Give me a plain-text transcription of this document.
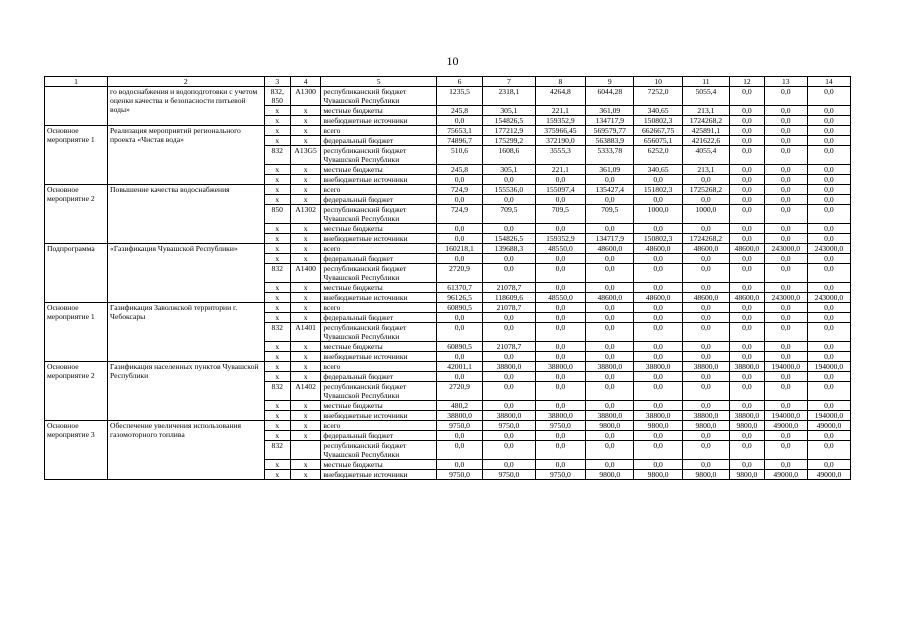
10
1	2	3	4	5	6	7	8	9	10	11	12	13	14
	го водоснабжения и водоподготовки с учетом оценки качества и безопасности питьевой воды»	832, 850	А1300	республиканский бюджет Чувашской Республики	1235,5	2318,1	4264,8	6044,28	7252,0	5055,4	0,0	0,0	0,0
		х	х	местные бюджеты	245,8	305,1	221,1	361,09	340,65	213,1	0,0	0,0	0,0
		х	х	внебюджетные источники	0,0	154826,5	159352,9	134717,9	150802,3	1724268,2	0,0	0,0	0,0
Основное мероприятие 1	Реализация мероприятий регионального проекта «Чистая вода»	х	х	всего	75653,1	177212,9	375966,45	569579,77	662667,75	425891,1	0,0	0,0	0,0
		х	х	федеральный бюджет	74896,7	175299,2	372190,0	563883,9	656075,1	421622,6	0,0	0,0	0,0
		832	А13G5	республиканский бюджет Чувашской Республики	510,6	1608,6	3555,3	5333,78	6252,0	4055,4	0,0	0,0	0,0
		х	х	местные бюджеты	245,8	305,1	221,1	361,09	340,65	213,1	0,0	0,0	0,0
		х	х	внебюджетные источники	0,0	0,0	0,0	0,0	0,0	0,0	0,0	0,0	0,0
Основное мероприятие 2	Повышение качества водоснабжения	х	х	всего	724,9	155536,0	155097,4	135427,4	151802,3	1725268,2	0,0	0,0	0,0
		х	х	федеральный бюджет	0,0	0,0	0,0	0,0	0,0	0,0	0,0	0,0	0,0
		850	А1302	республиканский бюджет Чувашской Республики	724,9	709,5	709,5	709,5	1000,0	1000,0	0,0	0,0	0,0
		х	х	местные бюджеты	0,0	0,0	0,0	0,0	0,0	0,0	0,0	0,0	0,0
		х	х	внебюджетные источники	0,0	154826,5	159352,9	134717,9	150802,3	1724268,2	0,0	0,0	0,0
Подпрограмма	«Газификация Чувашской Республики»	х	х	всего	160218,1	139688,3	48550,0	48600,0	48600,0	48600,0	48600,0	243000,0	243000,0
		х	х	федеральный бюджет	0,0	0,0	0,0	0,0	0,0	0,0	0,0	0,0	0,0
		832	А1400	республиканский бюджет Чувашской Республики	2720,9	0,0	0,0	0,0	0,0	0,0	0,0	0,0	0,0
		х	х	местные бюджеты	61370,7	21078,7	0,0	0,0	0,0	0,0	0,0	0,0	0,0
		х	х	внебюджетные источники	96126,5	118609,6	48550,0	48600,0	48600,0	48600,0	48600,0	243000,0	243000,0
Основное мероприятие 1	Газификация Заволжской территории г. Чебоксары	х	х	всего	60890,5	21078,7	0,0	0,0	0,0	0,0	0,0	0,0	0,0
		х	х	федеральный бюджет	0,0	0,0	0,0	0,0	0,0	0,0	0,0	0,0	0,0
		832	А1401	республиканский бюджет Чувашской Республики	0,0	0,0	0,0	0,0	0,0	0,0	0,0	0,0	0,0
		х	х	местные бюджеты	60890,5	21078,7	0,0	0,0	0,0	0,0	0,0	0,0	0,0
		х	х	внебюджетные источники	0,0	0,0	0,0	0,0	0,0	0,0	0,0	0,0	0,0
Основное мероприятие 2	Газификация населенных пунктов Чувашской Республики	х	х	всего	42001,1	38800,0	38800,0	38800,0	38800,0	38800,0	38800,0	194000,0	194000,0
		х	х	федеральный бюджет	0,0	0,0	0,0	0,0	0,0	0,0	0,0	0,0	0,0
		832	А1402	республиканский бюджет Чувашской Республики	2720,9	0,0	0,0	0,0	0,0	0,0	0,0	0,0	0,0
		х	х	местные бюджеты	480,2	0,0	0,0	0,0	0,0	0,0	0,0	0,0	0,0
		х	х	внебюджетные источники	38800,0	38800,0	38800,0	38800,0	38800,0	38800,0	38800,0	194000,0	194000,0
Основное мероприятие 3	Обеспечение увеличения использования газомоторного топлива	х	х	всего	9750,0	9750,0	9750,0	9800,0	9800,0	9800,0	9800,0	49000,0	49000,0
		х	х	федеральный бюджет	0,0	0,0	0,0	0,0	0,0	0,0	0,0	0,0	0,0
		832		республиканский бюджет Чувашской Республики	0,0	0,0	0,0	0,0	0,0	0,0	0,0	0,0	0,0
		х	х	местные бюджеты	0,0	0,0	0,0	0,0	0,0	0,0	0,0	0,0	0,0
		х	х	внебюджетные источники	9750,0	9750,0	9750,0	9800,0	9800,0	9800,0	9800,0	49000,0	49000,0
